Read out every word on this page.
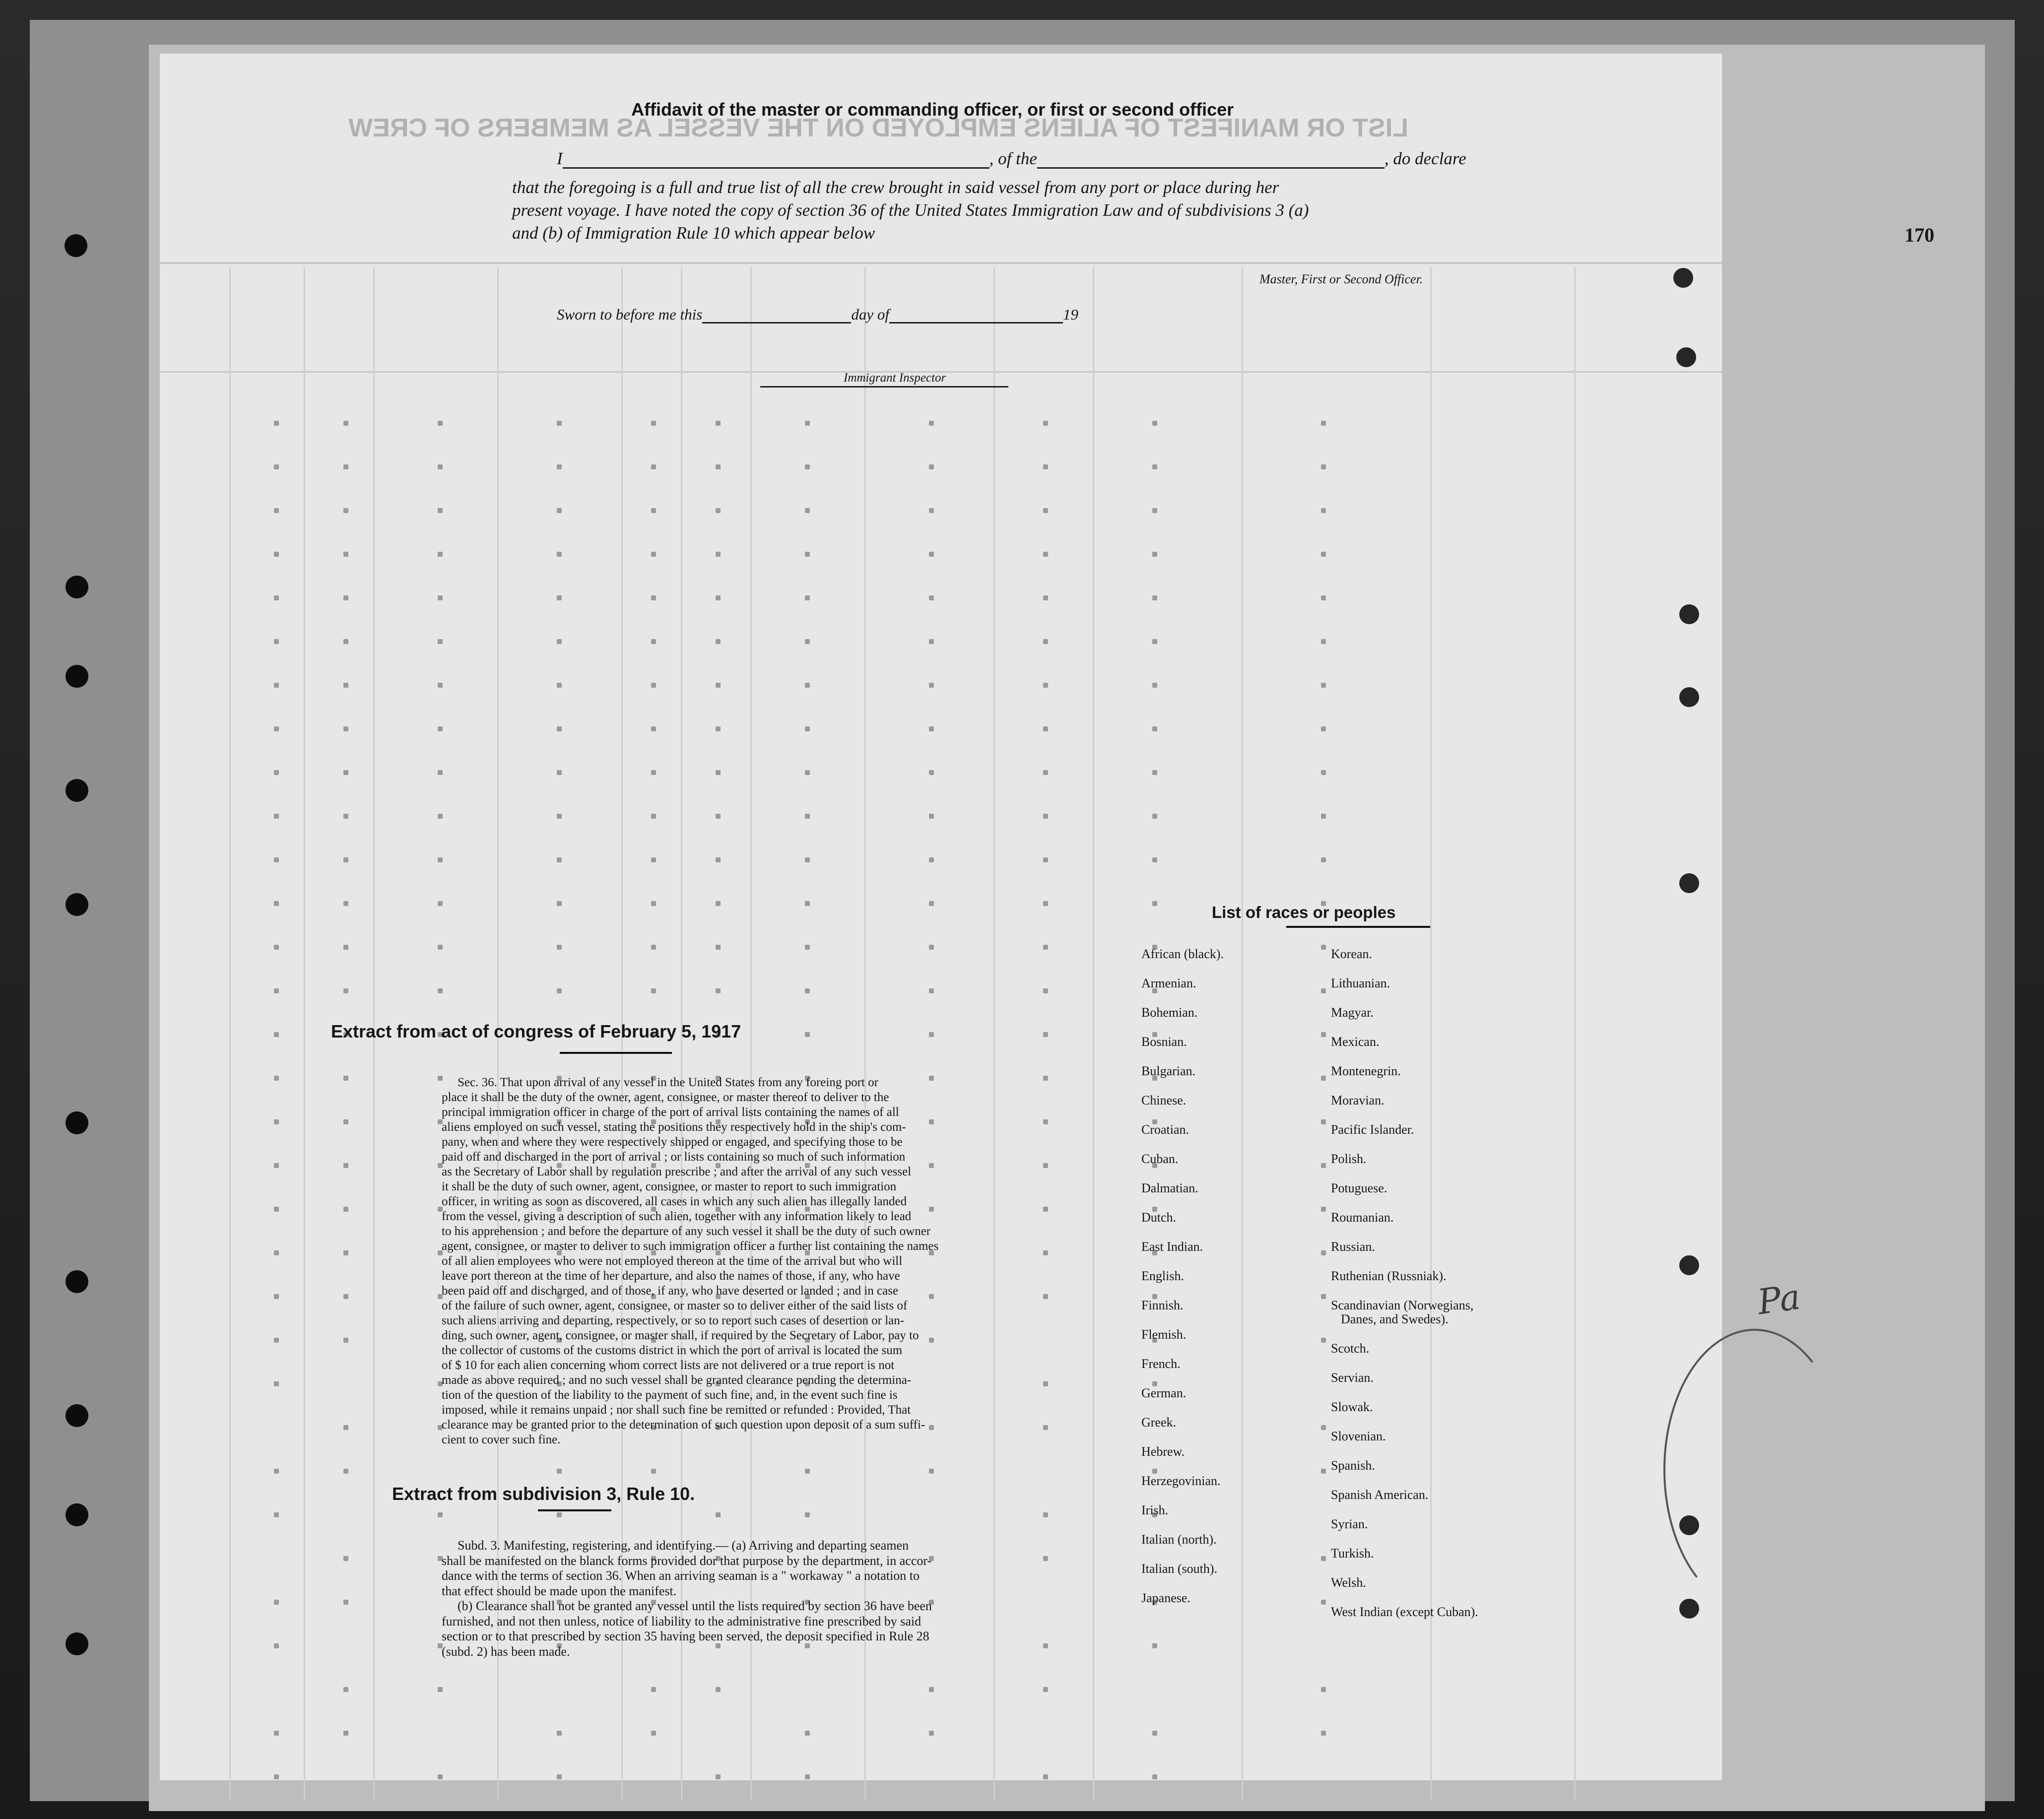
170
LIST OR MANIFEST OF ALIENS EMPLOYED ON THE VESSEL AS MEMBERS OF CREW
Affidavit of the master or commanding officer, or first or second officer
I	, of the	, do declare
that the foregoing is a full and true list of all the crew brought in said vessel from any port or place during her
present voyage. I have noted the copy of section 36 of the United States Immigration Law and of subdivisions 3 (a)
and (b) of Immigration Rule 10 which appear below
Master, First or Second Officer.
Sworn to before me this	day of	19
Immigrant Inspector
Extract from act of congress of February 5, 1917
Sec. 36. That upon arrival of any vessel in the United States from any foreing port or
place it shall be the duty of the owner, agent, consignee, or master thereof to deliver to the
principal immigration officer in charge of the port of arrival lists containing the names of all
aliens employed on such vessel, stating the positions they respectively hold in the ship's com-
pany, when and where they were respectively shipped or engaged, and specifying those to be
paid off and discharged in the port of arrival ; or lists containing so much of such information
as the Secretary of Labor shall by regulation prescribe ; and after the arrival of any such vessel
it shall be the duty of such owner, agent, consignee, or master to report to such immigration
officer, in writing as soon as discovered, all cases in which any such alien has illegally landed
from the vessel, giving a description of such alien, together with any information likely to lead
to his apprehension ; and before the departure of any such vessel it shall be the duty of such owner
agent, consignee, or master to deliver to such immigration officer a further list containing the names
of all alien employees who were not employed thereon at the time of the arrival but who will
leave port thereon at the time of her departure, and also the names of those, if any, who have
been paid off and discharged, and of those, if any, who have deserted or landed ; and in case
of the failure of such owner, agent, consignee, or master so to deliver either of the said lists of
such aliens arriving and departing, respectively, or so to report such cases of desertion or lan-
ding, such owner, agent, consignee, or master shall, if required by the Secretary of Labor, pay to
the collector of customs of the customs district in which the port of arrival is located the sum
of $ 10 for each alien concerning whom correct lists are not delivered or a true report is not
made as above required ; and no such vessel shall be granted clearance pending the determina-
tion of the question of the liability to the payment of such fine, and, in the event such fine is
imposed, while it remains unpaid ; nor shall such fine be remitted or refunded : Provided, That
clearance may be granted prior to the determination of such question upon deposit of a sum suffi-
cient to cover such fine.
Extract from subdivision 3, Rule 10.
Subd. 3. Manifesting, registering, and identifying.— (a) Arriving and departing seamen
shall be manifested on the blanck forms provided dor that purpose by the department, in accor-
dance with the terms of section 36. When an arriving seaman is a " workaway " a notation to
that effect should be made upon the manifest.
(b) Clearance shall not be granted any vessel until the lists required by section 36 have been
furnished, and not then unless, notice of liability to the administrative fine prescribed by said
section or to that prescribed by section 35 having been served, the deposit specified in Rule 28
(subd. 2) has been made.
List of races or peoples
African (black).
Armenian.
Bohemian.
Bosnian.
Bulgarian.
Chinese.
Croatian.
Cuban.
Dalmatian.
Dutch.
East Indian.
English.
Finnish.
Flemish.
French.
German.
Greek.
Hebrew.
Herzegovinian.
Irish.
Italian (north).
Italian (south).
Japanese.
Korean.
Lithuanian.
Magyar.
Mexican.
Montenegrin.
Moravian.
Pacific Islander.
Polish.
Potuguese.
Roumanian.
Russian.
Ruthenian (Russniak).
Scandinavian (Norwegians,
Danes, and Swedes).
Scotch.
Servian.
Slowak.
Slovenian.
Spanish.
Spanish American.
Syrian.
Turkish.
Welsh.
West Indian (except Cuban).
Pa
